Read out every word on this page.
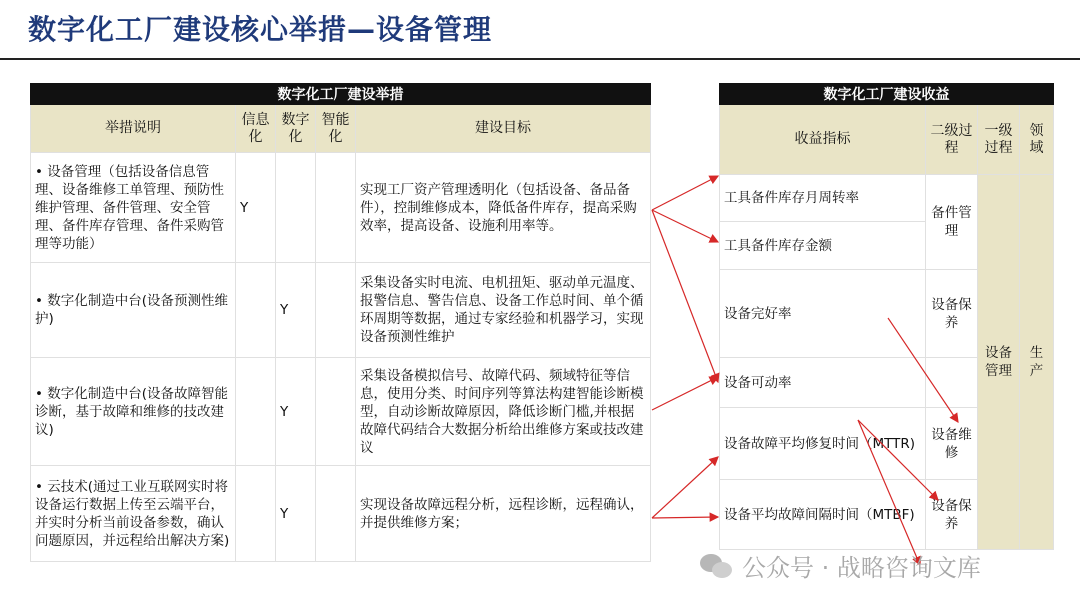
数字化工厂建设核心举措—设备管理
数字化工厂建设举措				
举措说明	信息化	数字化	智能化	建设目标
• 设备管理（包括设备信息管理、设备维修工单管理、预防性维护管理、备件管理、安全管理、备件库存管理、备件采购管理等功能）	Y			实现工厂资产管理透明化（包括设备、备品备件），控制维修成本，降低备件库存，提高采购效率，提高设备、设施利用率等。
• 数字化制造中台(设备预测性维护)		Y		采集设备实时电流、电机扭矩、驱动单元温度、报警信息、警告信息、设备工作总时间、单个循环周期等数据，通过专家经验和机器学习，实现设备预测性维护
• 数字化制造中台(设备故障智能诊断，基于故障和维修的技改建议)		Y		采集设备模拟信号、故障代码、频域特征等信息，使用分类、时间序列等算法构建智能诊断模型，自动诊断故障原因，降低诊断门槛,并根据故障代码结合大数据分析给出维修方案或技改建议
• 云技术(通过工业互联网实时将设备运行数据上传至云端平台，并实时分析当前设备参数，确认问题原因，并远程给出解决方案)		Y		实现设备故障远程分析，远程诊断，远程确认，并提供维修方案；
数字化工厂建设收益			
收益指标	二级过程	一级过程	领域
工具备件库存月周转率	备件管理	设备管理	生产
工具备件库存金额			
设备完好率	设备保养		
设备可动率			
设备故障平均修复时间（MTTR)	设备维修		
设备平均故障间隔时间（MTBF)	设备保养		
公众号 · 战略咨询文库
